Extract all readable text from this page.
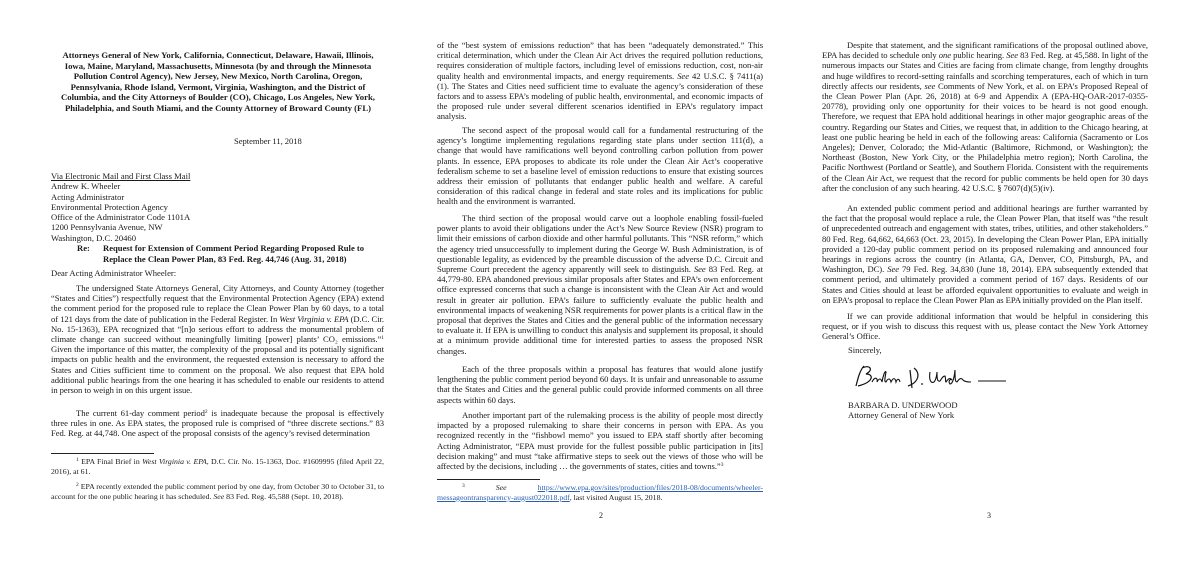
Attorneys General of New York, California, Connecticut, Delaware, Hawaii, Illinois, Iowa, Maine, Maryland, Massachusetts, Minnesota (by and through the Minnesota Pollution Control Agency), New Jersey, New Mexico, North Carolina, Oregon, Pennsylvania, Rhode Island, Vermont, Virginia, Washington, and the District of Columbia, and the City Attorneys of Boulder (CO), Chicago, Los Angeles, New York, Philadelphia, and South Miami, and the County Attorney of Broward County (FL)
September 11, 2018
Via Electronic Mail and First Class Mail
Andrew K. Wheeler
Acting Administrator
Environmental Protection Agency
Office of the Administrator Code 1101A
1200 Pennsylvania Avenue, NW
Washington, D.C. 20460
Re: Request for Extension of Comment Period Regarding Proposed Rule to
Replace the Clean Power Plan, 83 Fed. Reg. 44,746 (Aug. 31, 2018)
Dear Acting Administrator Wheeler:
The undersigned State Attorneys General, City Attorneys, and County Attorney (together “States and Cities”) respectfully request that the Environmental Protection Agency (EPA) extend the comment period for the proposed rule to replace the Clean Power Plan by 60 days, to a total of 121 days from the date of publication in the Federal Register. In West Virginia v. EPA (D.C. Cir. No. 15-1363), EPA recognized that “[n]o serious effort to address the monumental problem of climate change can succeed without meaningfully limiting [power] plants’ CO₂ emissions.”$^1$ Given the importance of this matter, the complexity of the proposal and its potentially significant impacts on public health and the environment, the requested extension is necessary to afford the States and Cities sufficient time to comment on the proposal. We also request that EPA hold additional public hearings from the one hearing it has scheduled to enable our residents to attend in person to weigh in on this urgent issue.
The current 61-day comment period$^2$ is inadequate because the proposal is effectively three rules in one. As EPA states, the proposed rule is comprised of “three discrete sections.” 83 Fed. Reg. at 44,748. One aspect of the proposal consists of the agency’s revised determination
$^1$ EPA Final Brief in West Virginia v. EPA, D.C. Cir. No. 15-1363, Doc. #1609995 (filed April 22, 2016), at 61.
$^2$ EPA recently extended the public comment period by one day, from October 30 to October 31, to account for the one public hearing it has scheduled. See 83 Fed. Reg. 45,588 (Sept. 10, 2018).
of the “best system of emissions reduction” that has been “adequately demonstrated.” This critical determination, which under the Clean Air Act drives the required pollution reductions, requires consideration of multiple factors, including level of emissions reduction, cost, non-air quality health and environmental impacts, and energy requirements. See 42 U.S.C. § 7411(a)(1). The States and Cities need sufficient time to evaluate the agency’s consideration of these factors and to assess EPA’s modeling of public health, environmental, and economic impacts of the proposed rule under several different scenarios identified in EPA’s regulatory impact analysis.
The second aspect of the proposal would call for a fundamental restructuring of the agency’s longtime implementing regulations regarding state plans under section 111(d), a change that would have ramifications well beyond controlling carbon pollution from power plants. In essence, EPA proposes to abdicate its role under the Clean Air Act’s cooperative federalism scheme to set a baseline level of emission reductions to ensure that existing sources address their emission of pollutants that endanger public health and welfare. A careful consideration of this radical change in federal and state roles and its implications for public health and the environment is warranted.
The third section of the proposal would carve out a loophole enabling fossil-fueled power plants to avoid their obligations under the Act’s New Source Review (NSR) program to limit their emissions of carbon dioxide and other harmful pollutants. This “NSR reform,” which the agency tried unsuccessfully to implement during the George W. Bush Administration, is of questionable legality, as evidenced by the preamble discussion of the adverse D.C. Circuit and Supreme Court precedent the agency apparently will seek to distinguish. See 83 Fed. Reg. at 44,779-80. EPA abandoned previous similar proposals after States and EPA’s own enforcement office expressed concerns that such a change is inconsistent with the Clean Air Act and would result in greater air pollution. EPA’s failure to sufficiently evaluate the public health and environmental impacts of weakening NSR requirements for power plants is a critical flaw in the proposal that deprives the States and Cities and the general public of the information necessary to evaluate it. If EPA is unwilling to conduct this analysis and supplement its proposal, it should at a minimum provide additional time for interested parties to assess the proposed NSR changes.
Each of the three proposals within a proposal has features that would alone justify lengthening the public comment period beyond 60 days. It is unfair and unreasonable to assume that the States and Cities and the general public could provide informed comments on all three aspects within 60 days.
Another important part of the rulemaking process is the ability of people most directly impacted by a proposed rulemaking to share their concerns in person with EPA. As you recognized recently in the “fishbowl memo” you issued to EPA staff shortly after becoming Acting Administrator, “EPA must provide for the fullest possible public participation in [its] decision making” and must “take affirmative steps to seek out the views of those who will be affected by the decisions, including … the governments of states, cities and towns.”$^3$
$^3$	See	https://www.epa.gov/sites/production/files/2018-08/documents/wheeler-messageontransparency-august022018.pdf, last visited August 15, 2018.
2
Despite that statement, and the significant ramifications of the proposal outlined above, EPA has decided to schedule only one public hearing. See 83 Fed. Reg. at 45,588. In light of the numerous impacts our States and Cities are facing from climate change, from lengthy droughts and huge wildfires to record-setting rainfalls and scorching temperatures, each of which in turn directly affects our residents, see Comments of New York, et al. on EPA’s Proposed Repeal of the Clean Power Plan (Apr. 26, 2018) at 6-9 and Appendix A (EPA-HQ-OAR-2017-0355-20778), providing only one opportunity for their voices to be heard is not good enough. Therefore, we request that EPA hold additional hearings in other major geographic areas of the country. Regarding our States and Cities, we request that, in addition to the Chicago hearing, at least one public hearing be held in each of the following areas: California (Sacramento or Los Angeles); Denver, Colorado; the Mid-Atlantic (Baltimore, Richmond, or Washington); the Northeast (Boston, New York City, or the Philadelphia metro region); North Carolina, the Pacific Northwest (Portland or Seattle), and Southern Florida. Consistent with the requirements of the Clean Air Act, we request that the record for public comments be held open for 30 days after the conclusion of any such hearing. 42 U.S.C. § 7607(d)(5)(iv).
An extended public comment period and additional hearings are further warranted by the fact that the proposal would replace a rule, the Clean Power Plan, that itself was “the result of unprecedented outreach and engagement with states, tribes, utilities, and other stakeholders.” 80 Fed. Reg. 64,662, 64,663 (Oct. 23, 2015). In developing the Clean Power Plan, EPA initially provided a 120-day public comment period on its proposed rulemaking and announced four hearings in regions across the country (in Atlanta, GA, Denver, CO, Pittsburgh, PA, and Washington, DC). See 79 Fed. Reg. 34,830 (June 18, 2014). EPA subsequently extended that comment period, and ultimately provided a comment period of 167 days. Residents of our States and Cities should at least be afforded equivalent opportunities to evaluate and weigh in on EPA’s proposal to replace the Clean Power Plan as EPA initially provided on the Plan itself.
If we can provide additional information that would be helpful in considering this request, or if you wish to discuss this request with us, please contact the New York Attorney General’s Office.
Sincerely,
BARBARA D. UNDERWOOD
Attorney General of New York
3
